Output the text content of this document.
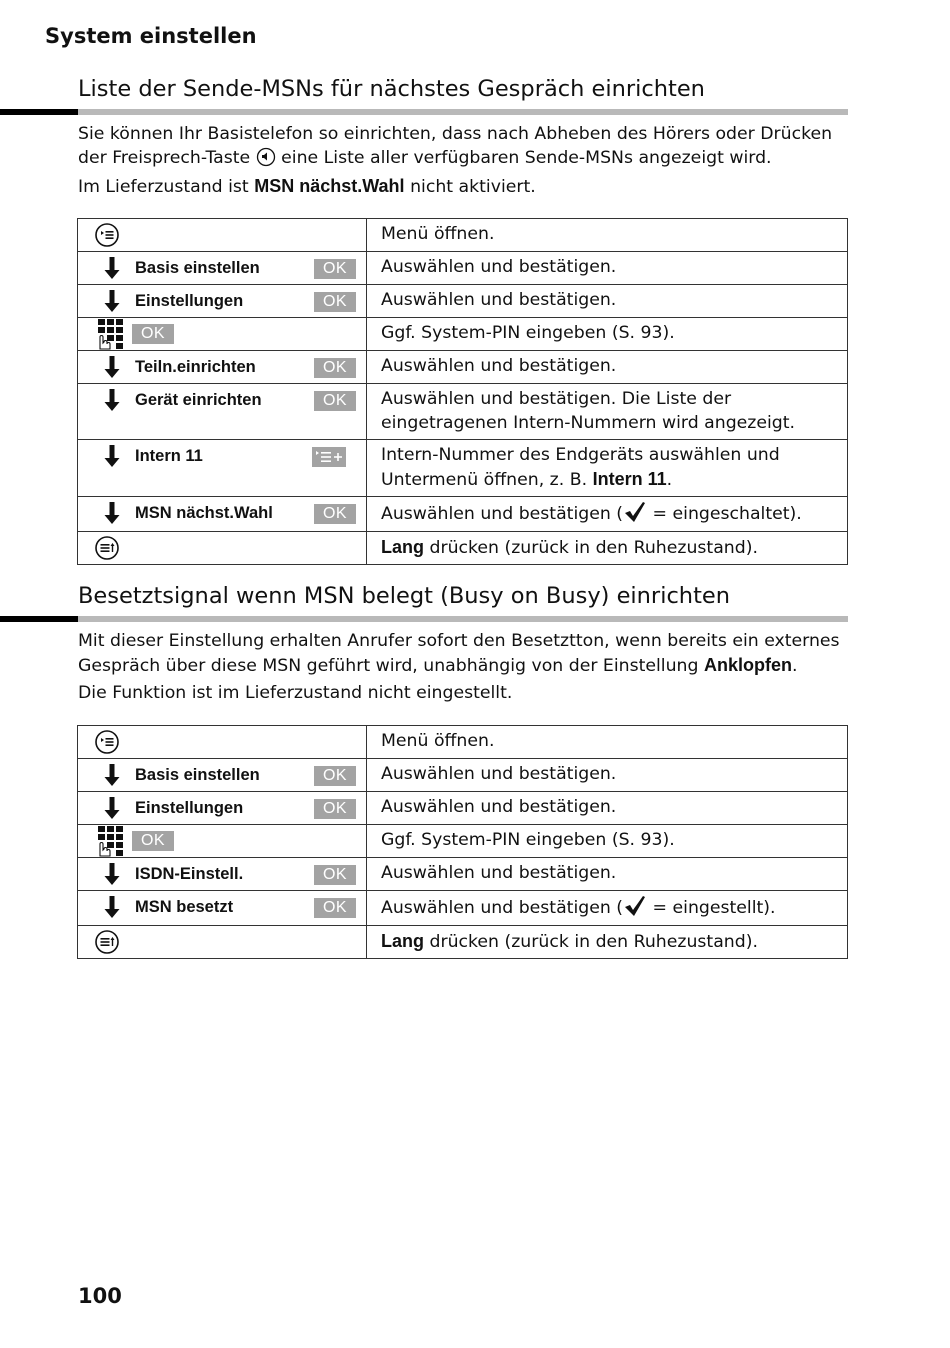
System einstellen
Liste der Sende-MSNs für nächstes Gespräch einrichten

Sie können Ihr Basistelefon so einrichten, dass nach Abheben des Hörers oder Drücken der Freisprech-Taste eine Liste aller verfügbaren Sende-MSNs angezeigt wird.

Im Lieferzustand ist MSN nächst.Wahl nicht aktiviert.

	Menü öffnen.

Basis einstellen OK	Auswählen und bestätigen.

Einstellungen OK	Auswählen und bestätigen.

OK	Ggf. System-PIN eingeben (S. 93).

Teiln.einrichten OK	Auswählen und bestätigen.

Gerät einrichten OK	Auswählen und bestätigen. Die Liste der eingetragenen Intern-Nummern wird angezeigt.

Intern 11	Intern-Nummer des Endgeräts auswählen und Untermenü öffnen, z. B. Intern 11.

MSN nächst.Wahl OK	Auswählen und bestätigen ( = eingeschaltet).

	Lang drücken (zurück in den Ruhezustand).
Besetztsignal wenn MSN belegt (Busy on Busy) einrichten

Mit dieser Einstellung erhalten Anrufer sofort den Besetztton, wenn bereits ein externes Gespräch über diese MSN geführt wird, unabhängig von der Einstellung Anklopfen.

Die Funktion ist im Lieferzustand nicht eingestellt.

	Menü öffnen.

Basis einstellen OK	Auswählen und bestätigen.

Einstellungen OK	Auswählen und bestätigen.

OK	Ggf. System-PIN eingeben (S. 93).

ISDN-Einstell. OK	Auswählen und bestätigen.

MSN besetzt OK	Auswählen und bestätigen ( = eingestellt).

	Lang drücken (zurück in den Ruhezustand).
100
